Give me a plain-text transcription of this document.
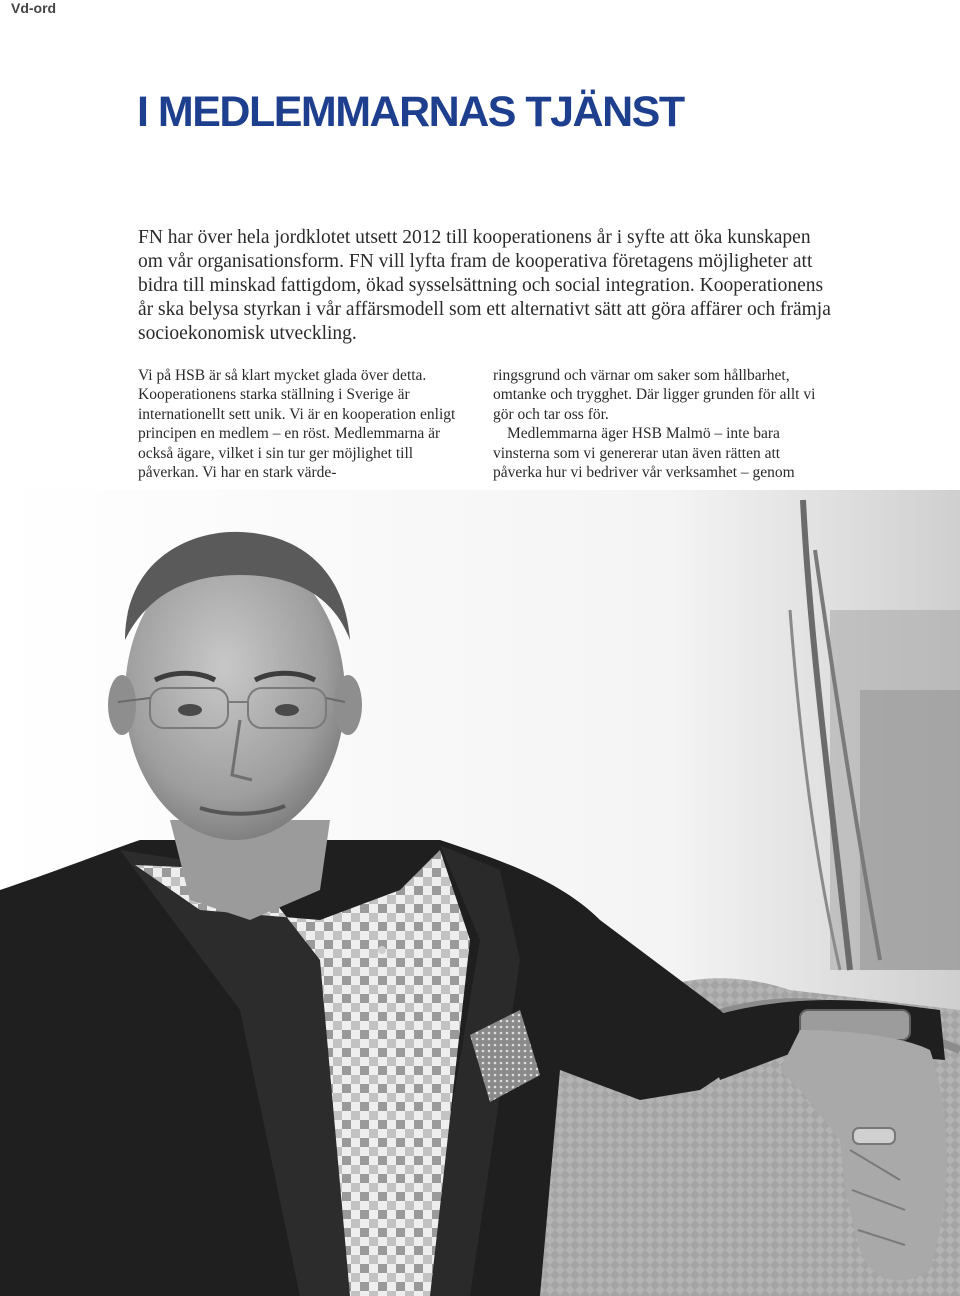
Vd-ord
I MEDLEMMARNAS TJÄNST

FN har över hela jordklotet utsett 2012 till kooperationens år i syfte att öka kunskapen om vår organisationsform. FN vill lyfta fram de kooperativa företagens möjligheter att bidra till minskad fattigdom, ökad sysselsättning och social integration. Kooperationens år ska belysa styrkan i vår affärsmodell som ett alternativt sätt att göra affärer och främja socioekonomisk utveckling.

Vi på HSB är så klart mycket glada över detta. Kooperationens starka ställning i Sverige är internationellt sett unik. Vi är en kooperation enligt principen en medlem – en röst. Medlemmarna är också ägare, vilket i sin tur ger möjlighet till påverkan. Vi har en stark värde-

ringsgrund och värnar om saker som hållbarhet, omtanke och trygghet. Där ligger grunden för allt vi gör och tar oss för.

Medlemmarna äger HSB Malmö – inte bara vinsterna som vi genererar utan även rätten att påverka hur vi bedriver vår verksamhet – genom
